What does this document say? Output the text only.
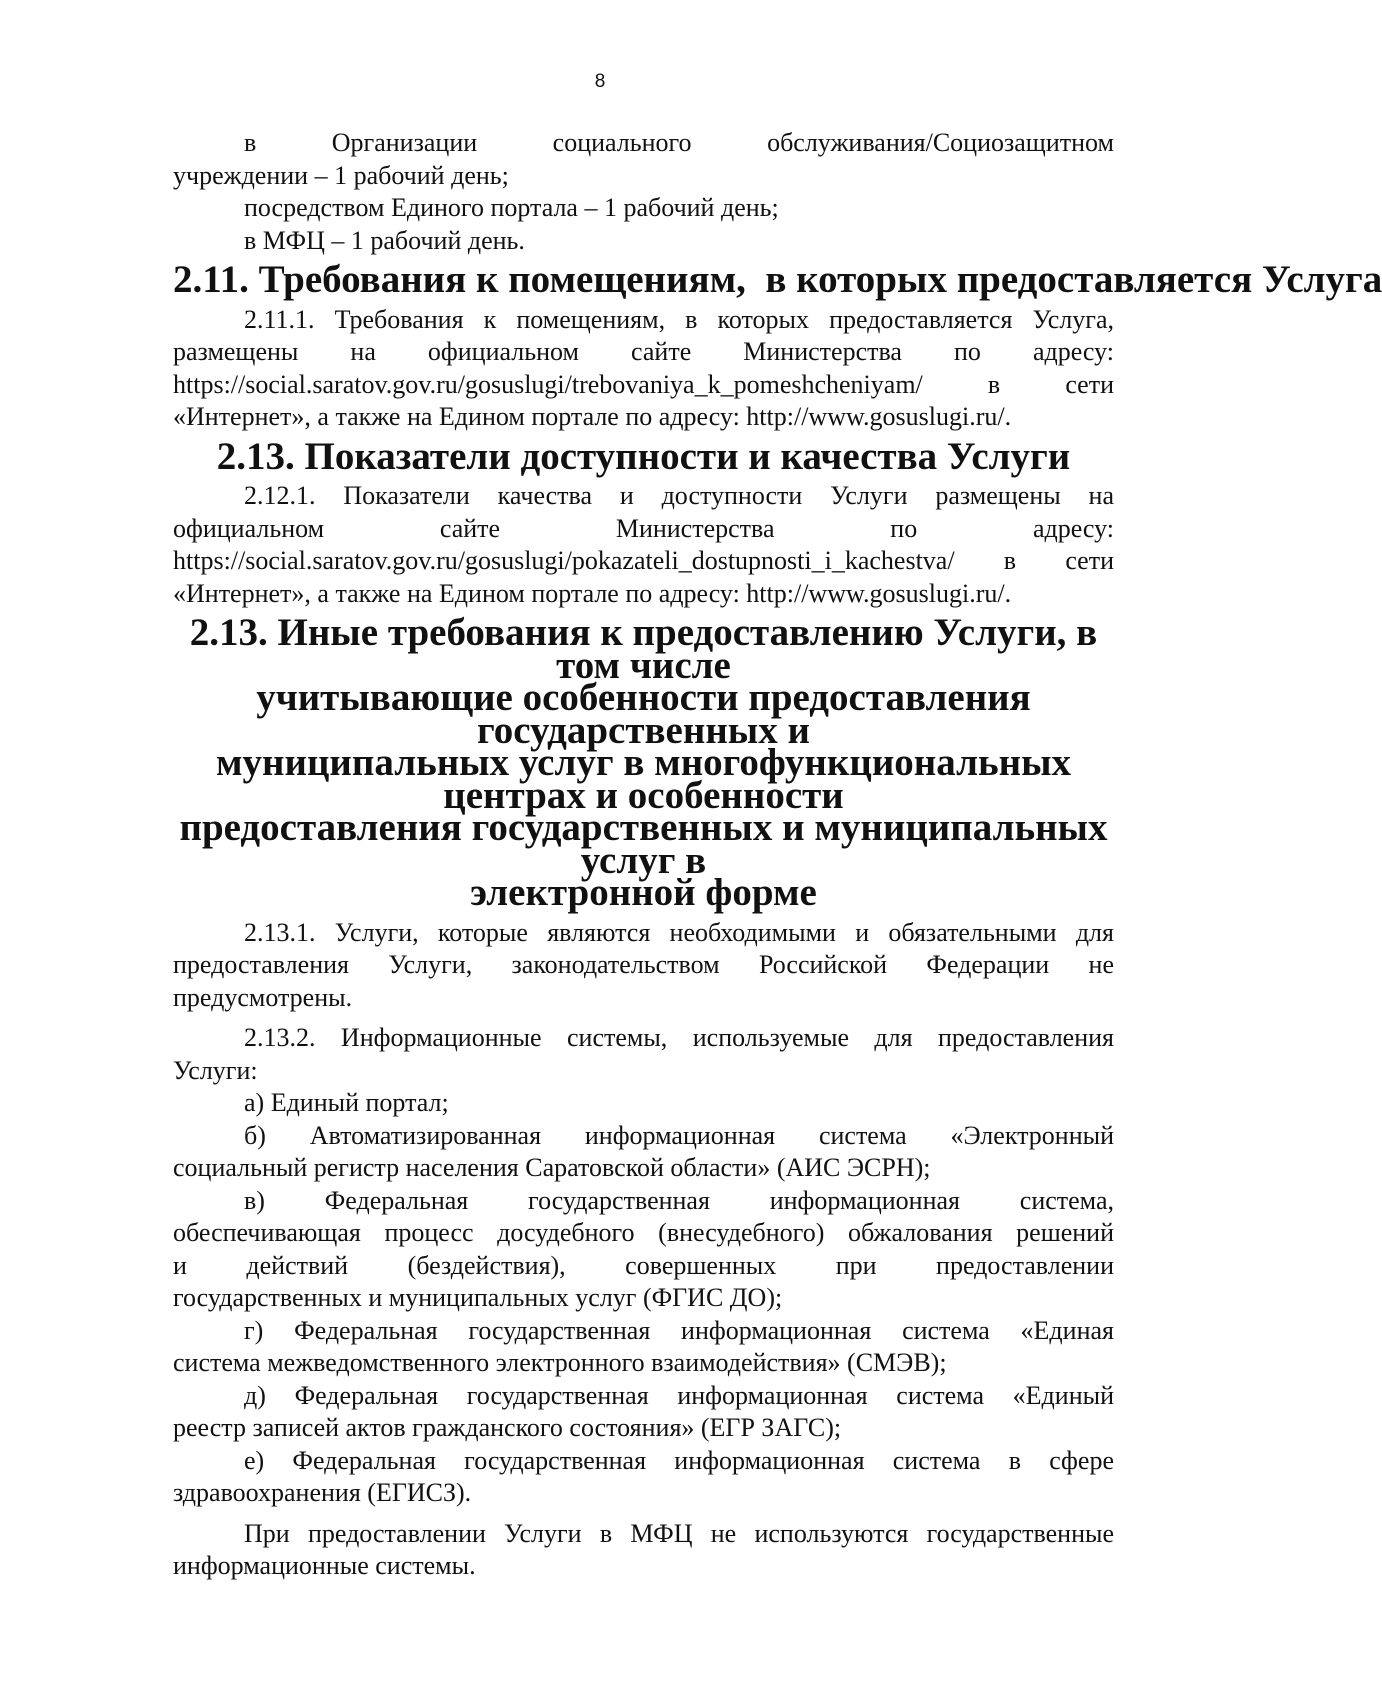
8
в	Организации	социального	обслуживания/Социозащитном
учреждении – 1 рабочий день;
посредством Единого портала – 1 рабочий день;
в МФЦ – 1 рабочий день.
2.11. Требования к помещениям,  в которых предоставляется Услуга
2.11.1. Требования к помещениям, в которых предоставляется Услуга,
размещены на официальном сайте Министерства по адресу:
https://social.saratov.gov.ru/gosuslugi/trebovaniya_k_pomeshcheniyam/ в сети
«Интернет», а также на Едином портале по адресу: http://www.gosuslugi.ru/.
2.13. Показатели доступности и качества Услуги
2.12.1. Показатели качества и доступности Услуги размещены на
официальном сайте Министерства по адресу:
https://social.saratov.gov.ru/gosuslugi/pokazateli_dostupnosti_i_kachestva/ в сети
«Интернет», а также на Едином портале по адресу: http://www.gosuslugi.ru/.
2.13. Иные требования к предоставлению Услуги, в том числе
учитывающие особенности предоставления государственных и
муниципальных услуг в многофункциональных центрах и особенности
предоставления государственных и муниципальных услуг в
электронной форме
2.13.1. Услуги, которые являются необходимыми и обязательными для
предоставления Услуги, законодательством Российской Федерации не
предусмотрены.
2.13.2. Информационные системы, используемые для предоставления
Услуги:
а) Единый портал;
б) Автоматизированная информационная система «Электронный
социальный регистр населения Саратовской области» (АИС ЭСРН);
в) Федеральная государственная информационная система,
обеспечивающая процесс досудебного (внесудебного) обжалования решений
и действий (бездействия), совершенных при предоставлении
государственных и муниципальных услуг (ФГИС ДО);
г) Федеральная государственная информационная система «Единая
система межведомственного электронного взаимодействия» (СМЭВ);
д) Федеральная государственная информационная система «Единый
реестр записей актов гражданского состояния» (ЕГР ЗАГС);
е) Федеральная государственная информационная система в сфере
здравоохранения (ЕГИСЗ).
При предоставлении Услуги в МФЦ не используются государственные
информационные системы.
